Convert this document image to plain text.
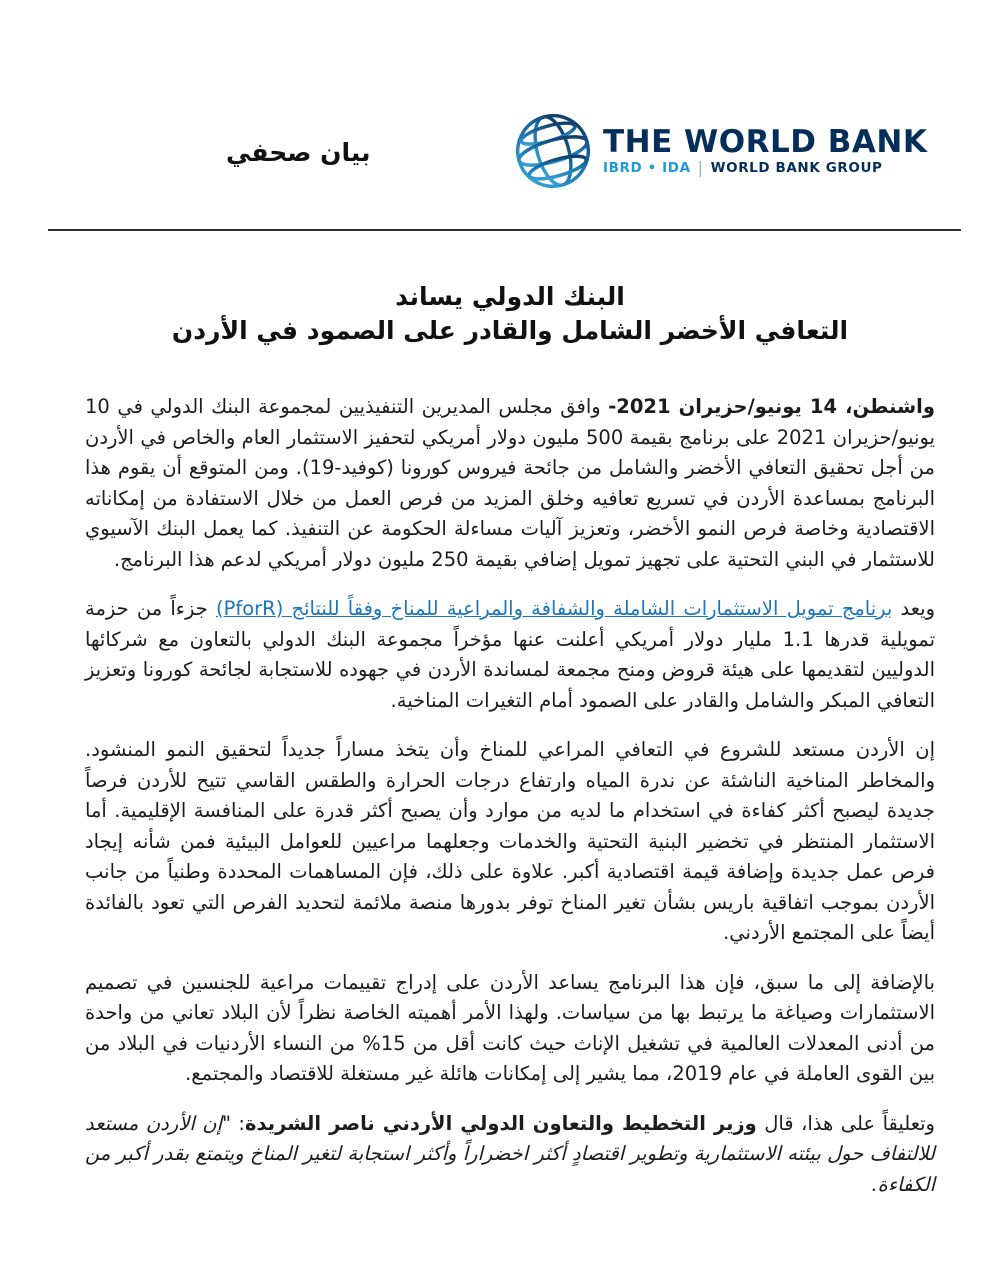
بيان صحفي	THE WORLD BANK
IBRD • IDA | WORLD BANK GROUP
البنك الدولي يساند
التعافي الأخضر الشامل والقادر على الصمود في الأردن

واشنطن، 14 يونيو/حزيران 2021- وافق مجلس المديرين التنفيذيين لمجموعة البنك الدولي في 10 يونيو/حزيران 2021 على برنامج بقيمة 500 مليون دولار أمريكي لتحفيز الاستثمار العام والخاص في الأردن من أجل تحقيق التعافي الأخضر والشامل من جائحة فيروس كورونا (كوفيد-19). ومن المتوقع أن يقوم هذا البرنامج بمساعدة الأردن في تسريع تعافيه وخلق المزيد من فرص العمل من خلال الاستفادة من إمكاناته الاقتصادية وخاصة فرص النمو الأخضر، وتعزيز آليات مساءلة الحكومة عن التنفيذ. كما يعمل البنك الآسيوي للاستثمار في البني التحتية على تجهيز تمويل إضافي بقيمة 250 مليون دولار أمريكي لدعم هذا البرنامج.

ويعد برنامج تمويل الاستثمارات الشاملة والشفافة والمراعية للمناخ وفقاً للنتائج (PforR) جزءاً من حزمة تمويلية قدرها 1.1 مليار دولار أمريكي أعلنت عنها مؤخراً مجموعة البنك الدولي بالتعاون مع شركائها الدوليين لتقديمها على هيئة قروض ومنح مجمعة لمساندة الأردن في جهوده للاستجابة لجائحة كورونا وتعزيز التعافي المبكر والشامل والقادر على الصمود أمام التغيرات المناخية.

إن الأردن مستعد للشروع في التعافي المراعي للمناخ وأن يتخذ مساراً جديداً لتحقيق النمو المنشود. والمخاطر المناخية الناشئة عن ندرة المياه وارتفاع درجات الحرارة والطقس القاسي تتيح للأردن فرصاً جديدة ليصبح أكثر كفاءة في استخدام ما لديه من موارد وأن يصبح أكثر قدرة على المنافسة الإقليمية. أما الاستثمار المنتظر في تخضير البنية التحتية والخدمات وجعلهما مراعيين للعوامل البيئية فمن شأنه إيجاد فرص عمل جديدة وإضافة قيمة اقتصادية أكبر. علاوة على ذلك، فإن المساهمات المحددة وطنياً من جانب الأردن بموجب اتفاقية باريس بشأن تغير المناخ توفر بدورها منصة ملائمة لتحديد الفرص التي تعود بالفائدة أيضاً على المجتمع الأردني.

بالإضافة إلى ما سبق، فإن هذا البرنامج يساعد الأردن على إدراج تقييمات مراعية للجنسين في تصميم الاستثمارات وصياغة ما يرتبط بها من سياسات. ولهذا الأمر أهميته الخاصة نظراً لأن البلاد تعاني من واحدة من أدنى المعدلات العالمية في تشغيل الإناث حيث كانت أقل من 15% من النساء الأردنيات في البلاد من بين القوى العاملة في عام 2019، مما يشير إلى إمكانات هائلة غير مستغلة للاقتصاد والمجتمع.

وتعليقاً على هذا، قال وزير التخطيط والتعاون الدولي الأردني ناصر الشريدة: "إن الأردن مستعد للالتفاف حول بيئته الاستثمارية وتطوير اقتصادٍ أكثر اخضراراً وأكثر استجابة لتغير المناخ ويتمتع بقدر أكبر من الكفاءة.
